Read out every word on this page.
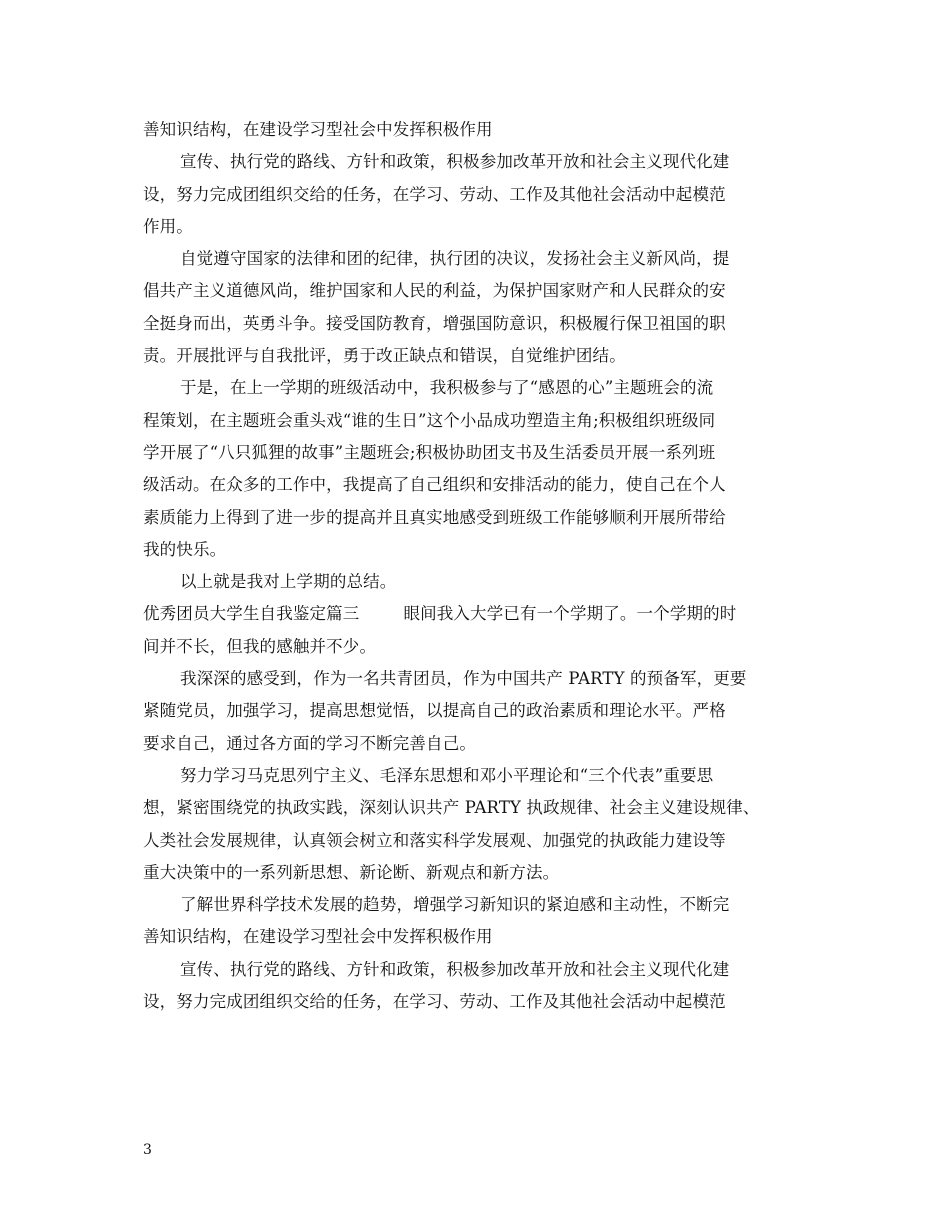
善知识结构，在建设学习型社会中发挥积极作用
宣传、执行党的路线、方针和政策，积极参加改革开放和社会主义现代化建
设，努力完成团组织交给的任务，在学习、劳动、工作及其他社会活动中起模范
作用。
自觉遵守国家的法律和团的纪律，执行团的决议，发扬社会主义新风尚，提
倡共产主义道德风尚，维护国家和人民的利益，为保护国家财产和人民群众的安
全挺身而出，英勇斗争。接受国防教育，增强国防意识，积极履行保卫祖国的职
责。开展批评与自我批评，勇于改正缺点和错误，自觉维护团结。
于是，在上一学期的班级活动中，我积极参与了“感恩的心”主题班会的流
程策划，在主题班会重头戏“谁的生日”这个小品成功塑造主角;积极组织班级同
学开展了“八只狐狸的故事”主题班会;积极协助团支书及生活委员开展一系列班
级活动。在众多的工作中，我提高了自己组织和安排活动的能力，使自己在个人
素质能力上得到了进一步的提高并且真实地感受到班级工作能够顺利开展所带给
我的快乐。
以上就是我对上学期的总结。
优秀团员大学生自我鉴定篇三	眼间我入大学已有一个学期了。一个学期的时
间并不长，但我的感触并不少。
我深深的感受到，作为一名共青团员，作为中国共产 PARTY 的预备军，更要
紧随党员，加强学习，提高思想觉悟，以提高自己的政治素质和理论水平。严格
要求自己，通过各方面的学习不断完善自己。
努力学习马克思列宁主义、毛泽东思想和邓小平理论和“三个代表”重要思
想，紧密围绕党的执政实践，深刻认识共产 PARTY 执政规律、社会主义建设规律、
人类社会发展规律，认真领会树立和落实科学发展观、加强党的执政能力建设等
重大决策中的一系列新思想、新论断、新观点和新方法。
了解世界科学技术发展的趋势，增强学习新知识的紧迫感和主动性，不断完
善知识结构，在建设学习型社会中发挥积极作用
宣传、执行党的路线、方针和政策，积极参加改革开放和社会主义现代化建
设，努力完成团组织交给的任务，在学习、劳动、工作及其他社会活动中起模范
3
